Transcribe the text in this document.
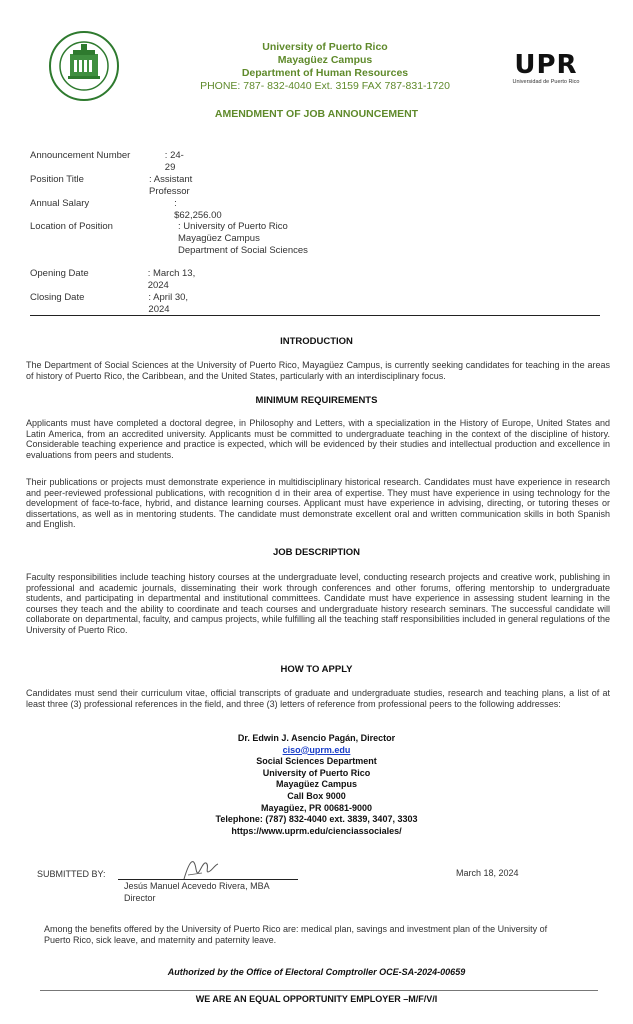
University of Puerto Rico
Mayagüez Campus
Department of Human Resources
PHONE: 787- 832-4040 Ext. 3159 FAX 787-831-1720
UPR
Universidad de Puerto Rico
AMENDMENT OF JOB ANNOUNCEMENT
Announcement Number	: 24-29
Position Title	: Assistant Professor
Annual Salary	: $62,256.00
Location of Position	: University of Puerto Rico
Mayagüez Campus
Department of Social Sciences
Opening Date	: March 13, 2024
Closing Date	: April 30, 2024
INTRODUCTION
The Department of Social Sciences at the University of Puerto Rico, Mayagüez Campus, is currently seeking candidates for teaching in the areas of history of Puerto Rico, the Caribbean, and the United States, particularly with an interdisciplinary focus.
MINIMUM REQUIREMENTS
Applicants must have completed a doctoral degree, in Philosophy and Letters, with a specialization in the History of Europe, United States and Latin America, from an accredited university. Applicants must be committed to undergraduate teaching in the context of the discipline of history. Considerable teaching experience and practice is expected, which will be evidenced by their studies and intellectual production and excellence in evaluations from peers and students.
Their publications or projects must demonstrate experience in multidisciplinary historical research. Candidates must have experience in research and peer-reviewed professional publications, with recognition d in their area of expertise. They must have experience in using technology for the development of face-to-face, hybrid, and distance learning courses. Applicant must have experience in advising, directing, or tutoring theses or dissertations, as well as in mentoring students. The candidate must demonstrate excellent oral and written communication skills in both Spanish and English.
JOB DESCRIPTION
Faculty responsibilities include teaching history courses at the undergraduate level, conducting research projects and creative work, publishing in professional and academic journals, disseminating their work through conferences and other forums, offering mentorship to undergraduate students, and participating in departmental and institutional committees. Candidate must have experience in assessing student learning in the courses they teach and the ability to coordinate and teach courses and undergraduate history research seminars. The successful candidate will collaborate on departmental, faculty, and campus projects, while fulfilling all the teaching staff responsibilities included in general regulations of the University of Puerto Rico.
HOW TO APPLY
Candidates must send their curriculum vitae, official transcripts of graduate and undergraduate studies, research and teaching plans, a list of at least three (3) professional references in the field, and three (3) letters of reference from professional peers to the following addresses:
Dr. Edwin J. Asencio Pagán, Director
ciso@uprm.edu
Social Sciences Department
University of Puerto Rico
Mayagüez Campus
Call Box 9000
Mayagüez, PR 00681-9000
Telephone: (787) 832-4040 ext. 3839, 3407, 3303
https://www.uprm.edu/cienciassociales/
SUBMITTED BY:
Jesús Manuel Acevedo Rivera, MBA
Director
March 18, 2024
Among the benefits offered by the University of Puerto Rico are: medical plan, savings and investment plan of the University of Puerto Rico, sick leave, and maternity and paternity leave.
Authorized by the Office of Electoral Comptroller OCE-SA-2024-00659
WE ARE AN EQUAL OPPORTUNITY EMPLOYER –M/F/V/I
